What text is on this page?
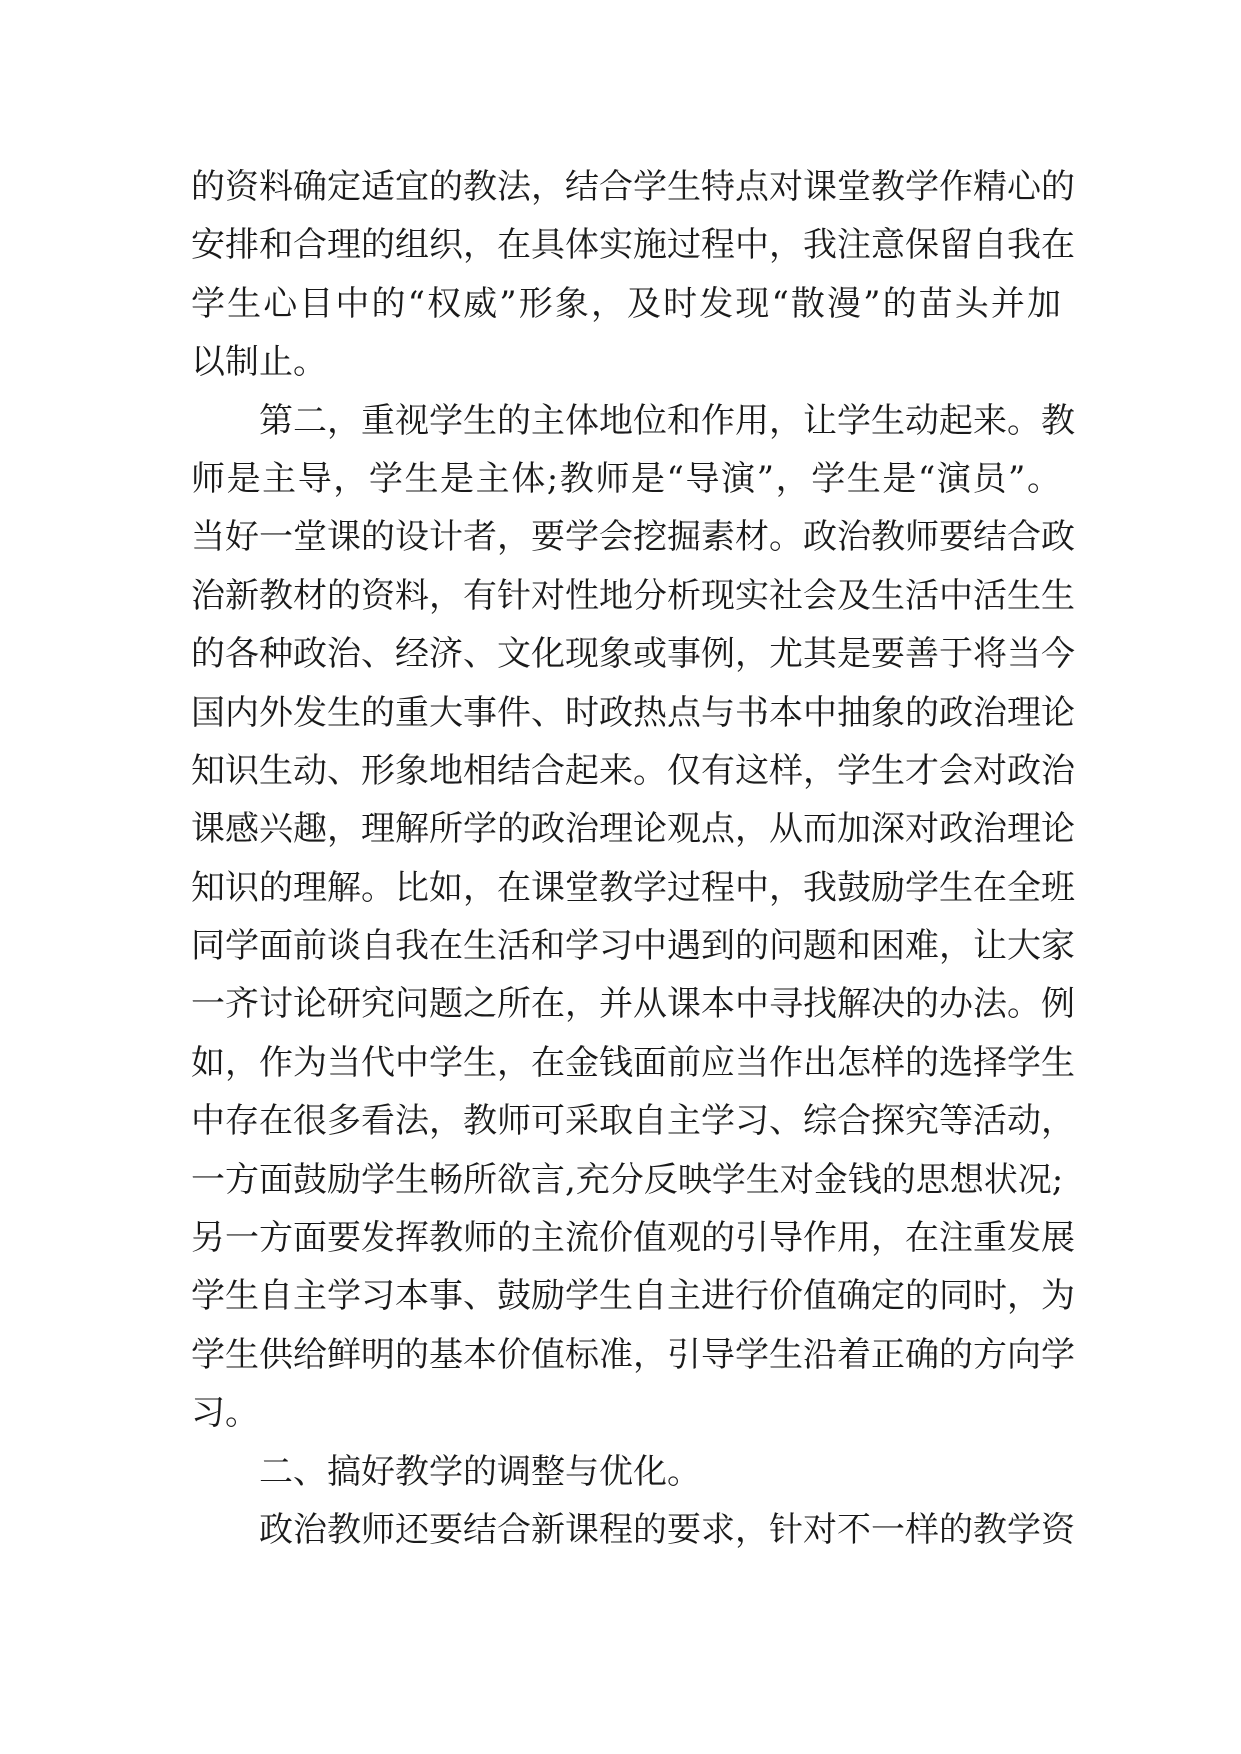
的资料确定适宜的教法，结合学生特点对课堂教学作精心的
安排和合理的组织，在具体实施过程中，我注意保留自我在
学生心目中的“权威”形象，及时发现“散漫”的苗头并加
以制止。
第二，重视学生的主体地位和作用，让学生动起来。教
师是主导，学生是主体;教师是“导演”，学生是“演员”。
当好一堂课的设计者，要学会挖掘素材。政治教师要结合政
治新教材的资料，有针对性地分析现实社会及生活中活生生
的各种政治、经济、文化现象或事例，尤其是要善于将当今
国内外发生的重大事件、时政热点与书本中抽象的政治理论
知识生动、形象地相结合起来。仅有这样，学生才会对政治
课感兴趣，理解所学的政治理论观点，从而加深对政治理论
知识的理解。比如，在课堂教学过程中，我鼓励学生在全班
同学面前谈自我在生活和学习中遇到的问题和困难，让大家
一齐讨论研究问题之所在，并从课本中寻找解决的办法。例
如，作为当代中学生，在金钱面前应当作出怎样的选择学生
中存在很多看法，教师可采取自主学习、综合探究等活动，
一方面鼓励学生畅所欲言,充分反映学生对金钱的思想状况;
另一方面要发挥教师的主流价值观的引导作用，在注重发展
学生自主学习本事、鼓励学生自主进行价值确定的同时，为
学生供给鲜明的基本价值标准，引导学生沿着正确的方向学
习。
二、搞好教学的调整与优化。
政治教师还要结合新课程的要求，针对不一样的教学资
